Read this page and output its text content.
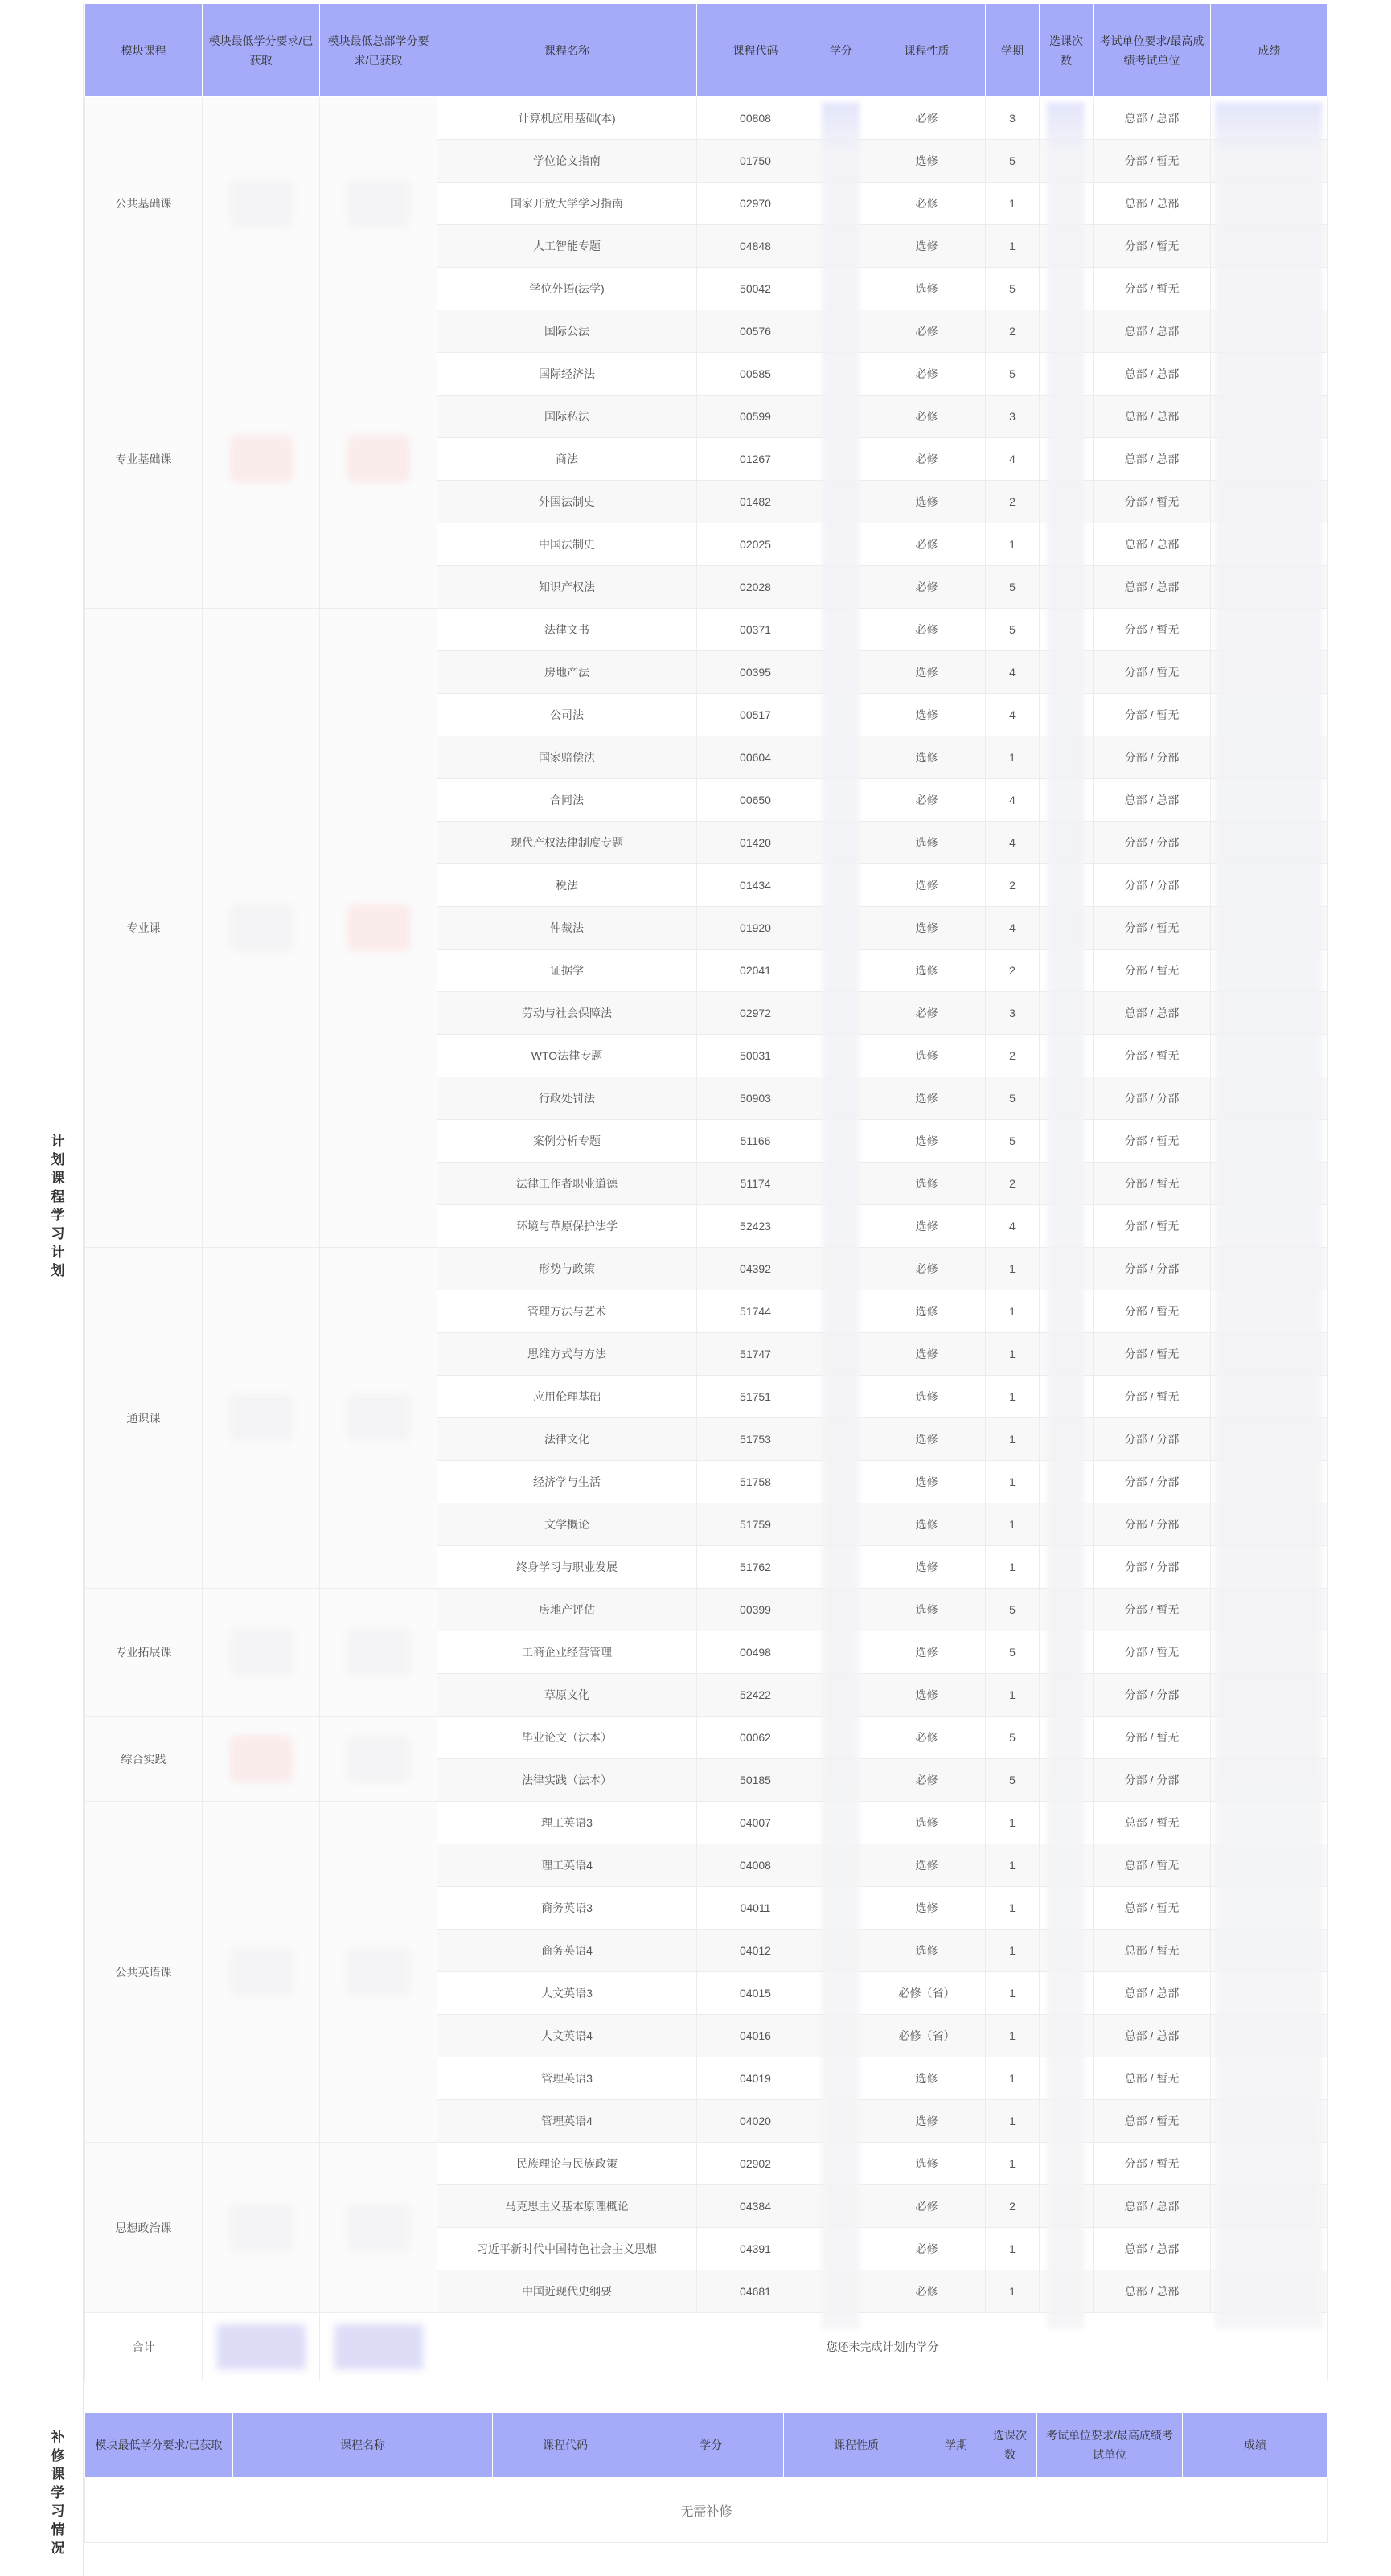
计划课程学习计划
模块课程	模块最低学分要求/已获取	模块最低总部学分要求/已获取	课程名称	课程代码	学分	课程性质	学期	选课次数	考试单位要求/最高成绩考试单位	成绩
公共基础课			计算机应用基础(本)	00808		必修	3		总部 / 总部	
			学位论文指南	01750		选修	5		分部 / 暂无	
			国家开放大学学习指南	02970		必修	1		总部 / 总部	
			人工智能专题	04848		选修	1		分部 / 暂无	
			学位外语(法学)	50042		选修	5		分部 / 暂无	
专业基础课			国际公法	00576		必修	2		总部 / 总部	
			国际经济法	00585		必修	5		总部 / 总部	
			国际私法	00599		必修	3		总部 / 总部	
			商法	01267		必修	4		总部 / 总部	
			外国法制史	01482		选修	2		分部 / 暂无	
			中国法制史	02025		必修	1		总部 / 总部	
			知识产权法	02028		必修	5		总部 / 总部	
专业课			法律文书	00371		必修	5		分部 / 暂无	
			房地产法	00395		选修	4		分部 / 暂无	
			公司法	00517		选修	4		分部 / 暂无	
			国家赔偿法	00604		选修	1		分部 / 分部	
			合同法	00650		必修	4		总部 / 总部	
			现代产权法律制度专题	01420		选修	4		分部 / 分部	
			税法	01434		选修	2		分部 / 分部	
			仲裁法	01920		选修	4		分部 / 暂无	
			证据学	02041		选修	2		分部 / 暂无	
			劳动与社会保障法	02972		必修	3		总部 / 总部	
			WTO法律专题	50031		选修	2		分部 / 暂无	
			行政处罚法	50903		选修	5		分部 / 分部	
			案例分析专题	51166		选修	5		分部 / 暂无	
			法律工作者职业道德	51174		选修	2		分部 / 暂无	
			环境与草原保护法学	52423		选修	4		分部 / 暂无	
通识课			形势与政策	04392		必修	1		分部 / 分部	
			管理方法与艺术	51744		选修	1		分部 / 暂无	
			思维方式与方法	51747		选修	1		分部 / 暂无	
			应用伦理基础	51751		选修	1		分部 / 暂无	
			法律文化	51753		选修	1		分部 / 分部	
			经济学与生活	51758		选修	1		分部 / 分部	
			文学概论	51759		选修	1		分部 / 分部	
			终身学习与职业发展	51762		选修	1		分部 / 分部	
专业拓展课			房地产评估	00399		选修	5		分部 / 暂无	
			工商企业经营管理	00498		选修	5		分部 / 暂无	
			草原文化	52422		选修	1		分部 / 分部	
综合实践			毕业论文（法本）	00062		必修	5		分部 / 暂无	
			法律实践（法本）	50185		必修	5		分部 / 分部	
公共英语课			理工英语3	04007		选修	1		总部 / 暂无	
			理工英语4	04008		选修	1		总部 / 暂无	
			商务英语3	04011		选修	1		总部 / 暂无	
			商务英语4	04012		选修	1		总部 / 暂无	
			人文英语3	04015		必修（省）	1		总部 / 总部	
			人文英语4	04016		必修（省）	1		总部 / 总部	
			管理英语3	04019		选修	1		总部 / 暂无	
			管理英语4	04020		选修	1		总部 / 暂无	
思想政治课			民族理论与民族政策	02902		选修	1		分部 / 暂无	
			马克思主义基本原理概论	04384		必修	2		总部 / 总部	
			习近平新时代中国特色社会主义思想	04391		必修	1		总部 / 总部	
			中国近现代史纲要	04681		必修	1		总部 / 总部	
合计			您还未完成计划内学分							
补修课学习情况	模块最低学分要求/已获取	课程名称	课程代码	学分	课程性质	学期	选课次数	考试单位要求/最高成绩考试单位	成绩
无需补修
